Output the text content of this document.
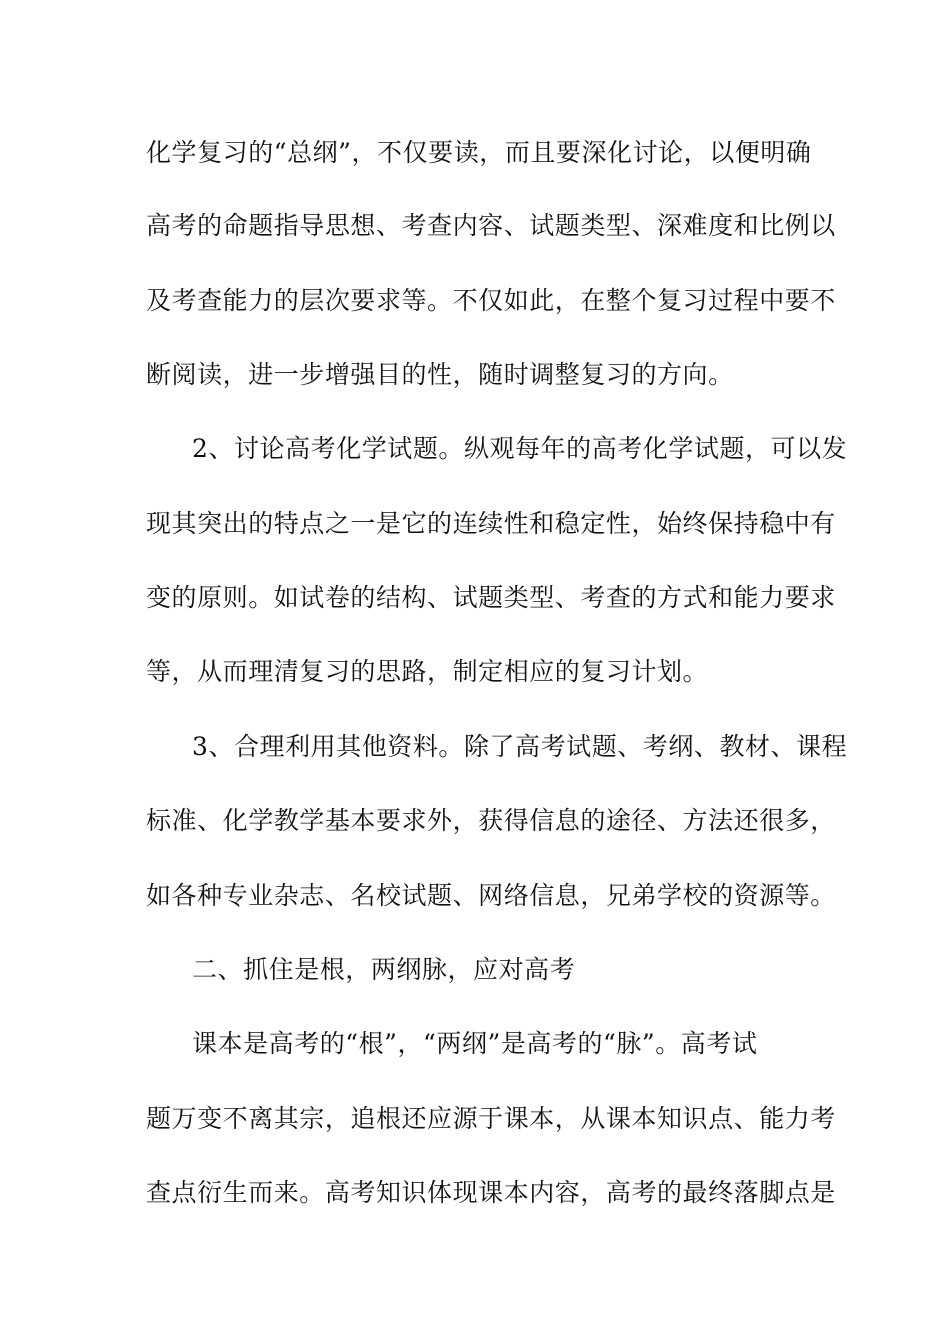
化学复习的“总纲”，不仅要读，而且要深化讨论，以便明确
高考的命题指导思想、考查内容、试题类型、深难度和比例以
及考查能力的层次要求等。不仅如此，在整个复习过程中要不
断阅读，进一步增强目的性，随时调整复习的方向。
2、讨论高考化学试题。纵观每年的高考化学试题，可以发
现其突出的特点之一是它的连续性和稳定性，始终保持稳中有
变的原则。如试卷的结构、试题类型、考查的方式和能力要求
等，从而理清复习的思路，制定相应的复习计划。
3、合理利用其他资料。除了高考试题、考纲、教材、课程
标准、化学教学基本要求外，获得信息的途径、方法还很多，
如各种专业杂志、名校试题、网络信息，兄弟学校的资源等。
二、抓住是根，两纲脉，应对高考
课本是高考的“根”，“两纲”是高考的“脉”。高考试
题万变不离其宗，追根还应源于课本，从课本知识点、能力考
查点衍生而来。高考知识体现课本内容，高考的最终落脚点是
